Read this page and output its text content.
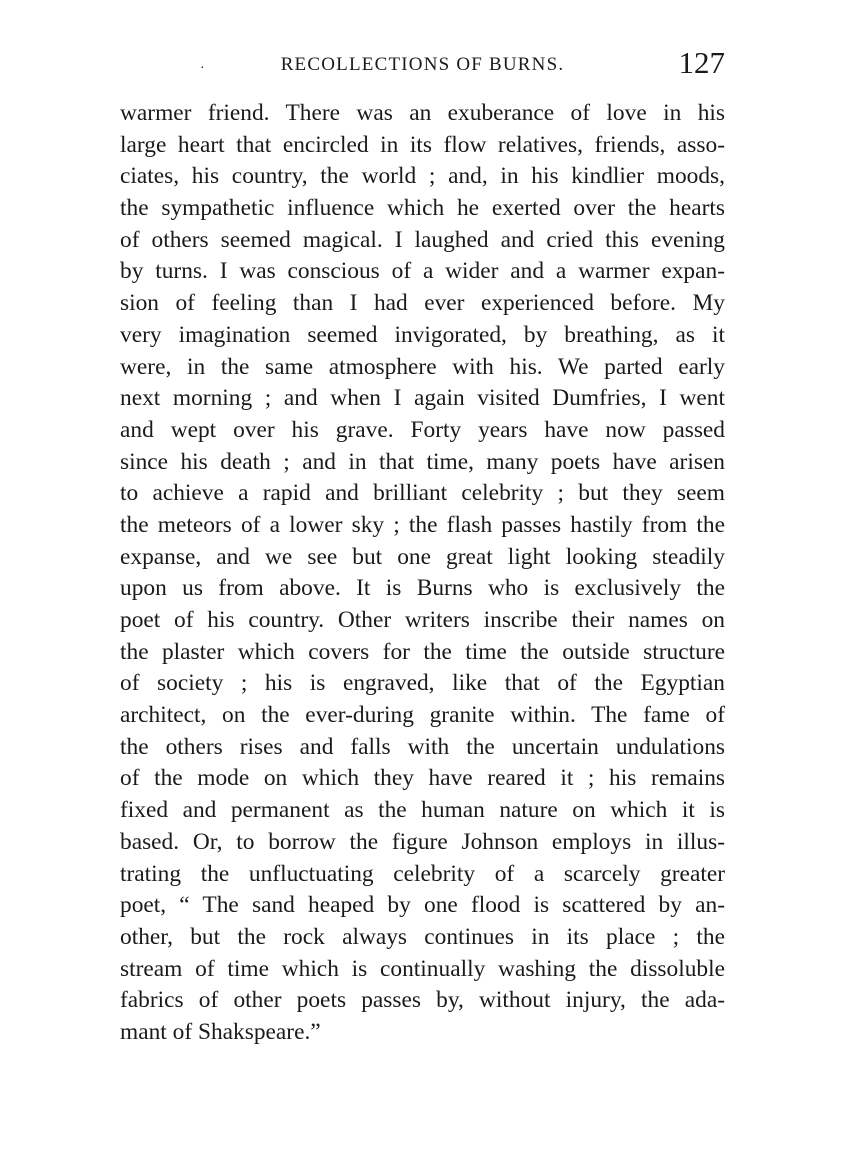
·	RECOLLECTIONS OF BURNS.	127
warmer friend. There was an exuberance of love in his
large heart that encircled in its flow relatives, friends, asso-
ciates, his country, the world ; and, in his kindlier moods,
the sympathetic influence which he exerted over the hearts
of others seemed magical. I laughed and cried this evening
by turns. I was conscious of a wider and a warmer expan-
sion of feeling than I had ever experienced before. My
very imagination seemed invigorated, by breathing, as it
were, in the same atmosphere with his. We parted early
next morning ; and when I again visited Dumfries, I went
and wept over his grave. Forty years have now passed
since his death ; and in that time, many poets have arisen
to achieve a rapid and brilliant celebrity ; but they seem
the meteors of a lower sky ; the flash passes hastily from the
expanse, and we see but one great light looking steadily
upon us from above. It is Burns who is exclusively the
poet of his country. Other writers inscribe their names on
the plaster which covers for the time the outside structure
of society ; his is engraved, like that of the Egyptian
architect, on the ever-during granite within. The fame of
the others rises and falls with the uncertain undulations
of the mode on which they have reared it ; his remains
fixed and permanent as the human nature on which it is
based. Or, to borrow the figure Johnson employs in illus-
trating the unfluctuating celebrity of a scarcely greater
poet, “ The sand heaped by one flood is scattered by an-
other, but the rock always continues in its place ; the
stream of time which is continually washing the dissoluble
fabrics of other poets passes by, without injury, the ada-
mant of Shakspeare.”
